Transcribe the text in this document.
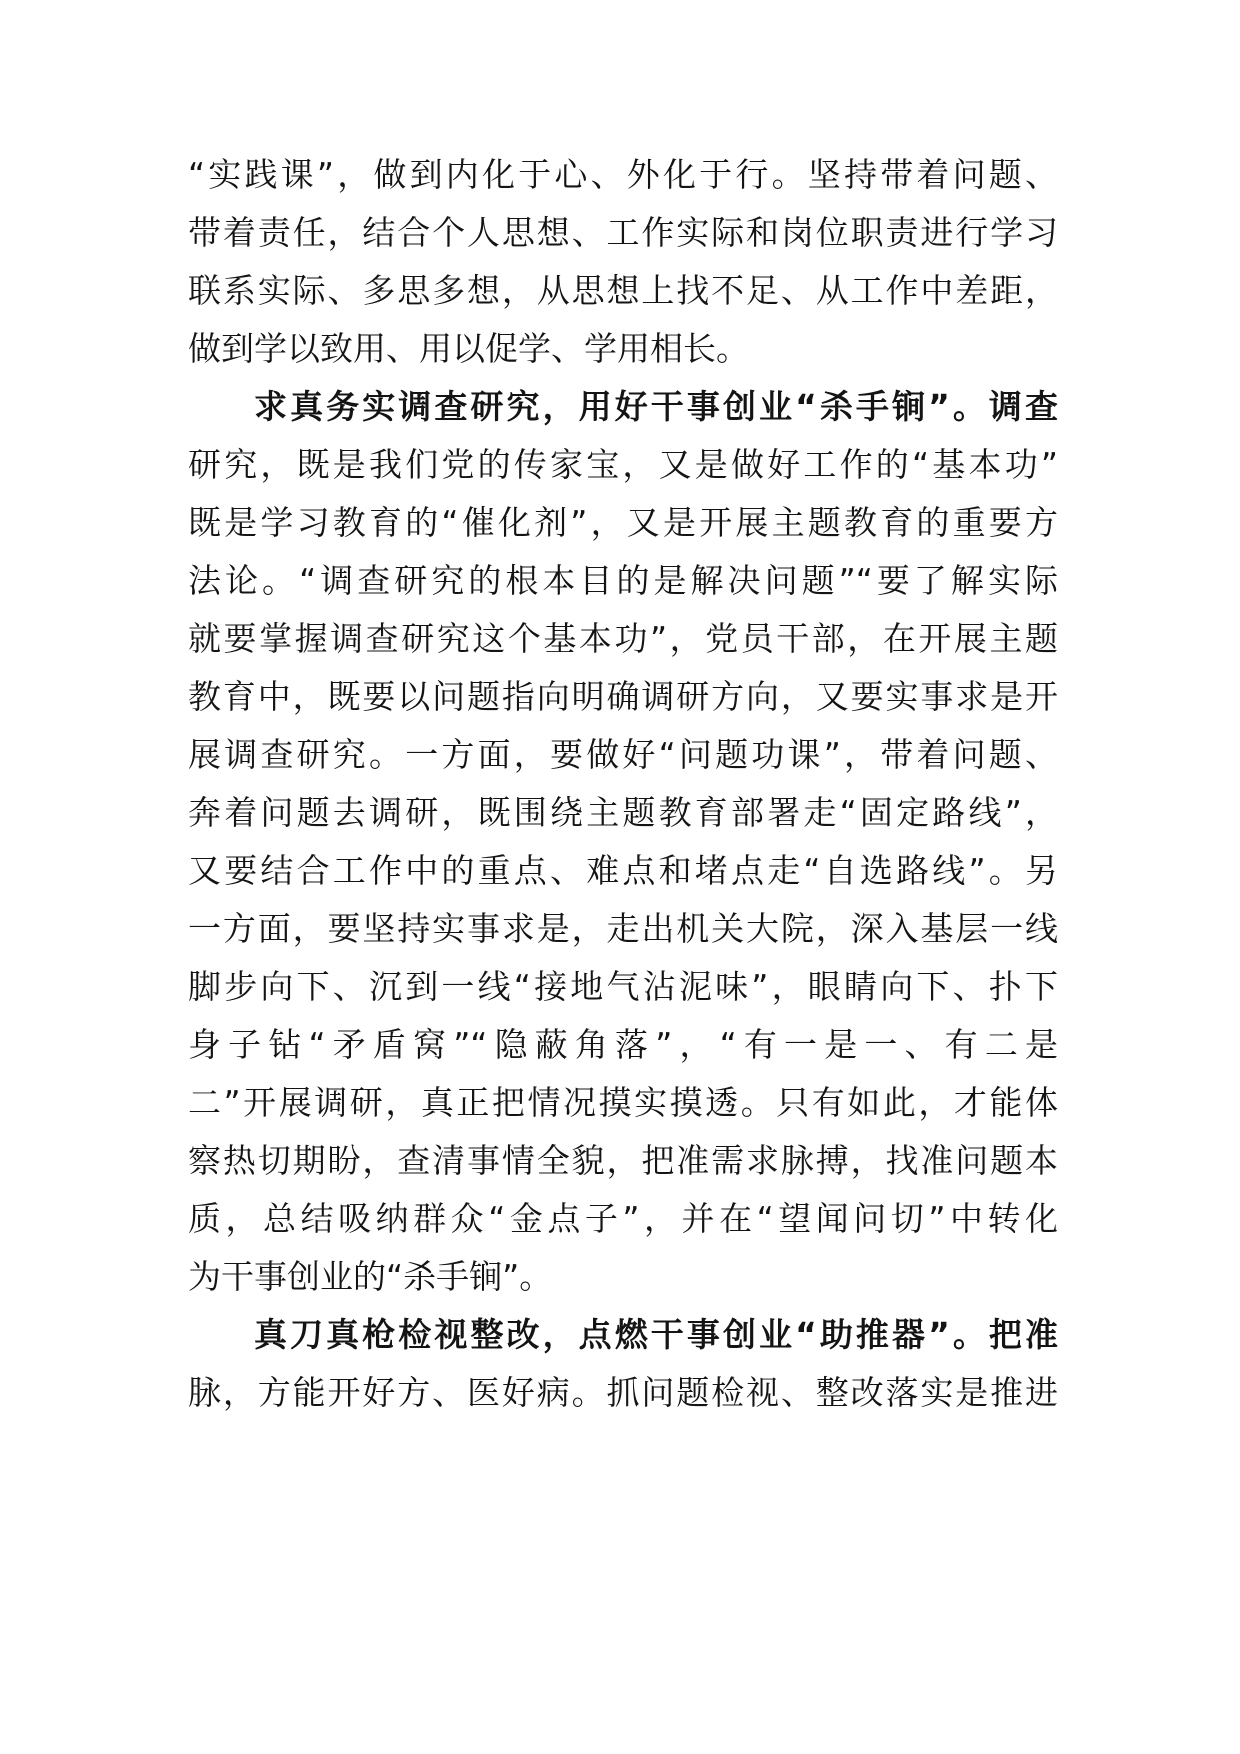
“实践课”，做到内化于心、外化于行。坚持带着问题、
带着责任，结合个人思想、工作实际和岗位职责进行学习
联系实际、多思多想，从思想上找不足、从工作中差距，
做到学以致用、用以促学、学用相长。
求真务实调查研究，用好干事创业“杀手锏”。调查
研究，既是我们党的传家宝，又是做好工作的“基本功”
既是学习教育的“催化剂”，又是开展主题教育的重要方
法论。“调查研究的根本目的是解决问题”“要了解实际
就要掌握调查研究这个基本功”，党员干部，在开展主题
教育中，既要以问题指向明确调研方向，又要实事求是开
展调查研究。一方面，要做好“问题功课”，带着问题、
奔着问题去调研，既围绕主题教育部署走“固定路线”，
又要结合工作中的重点、难点和堵点走“自选路线”。另
一方面，要坚持实事求是，走出机关大院，深入基层一线
脚步向下、沉到一线“接地气沾泥味”，眼睛向下、扑下
身子钻“矛盾窝”“隐蔽角落”，“有一是一、有二是
二”开展调研，真正把情况摸实摸透。只有如此，才能体
察热切期盼，查清事情全貌，把准需求脉搏，找准问题本
质，总结吸纳群众“金点子”，并在“望闻问切”中转化
为干事创业的“杀手锏”。
真刀真枪检视整改，点燃干事创业“助推器”。把准
脉，方能开好方、医好病。抓问题检视、整改落实是推进
